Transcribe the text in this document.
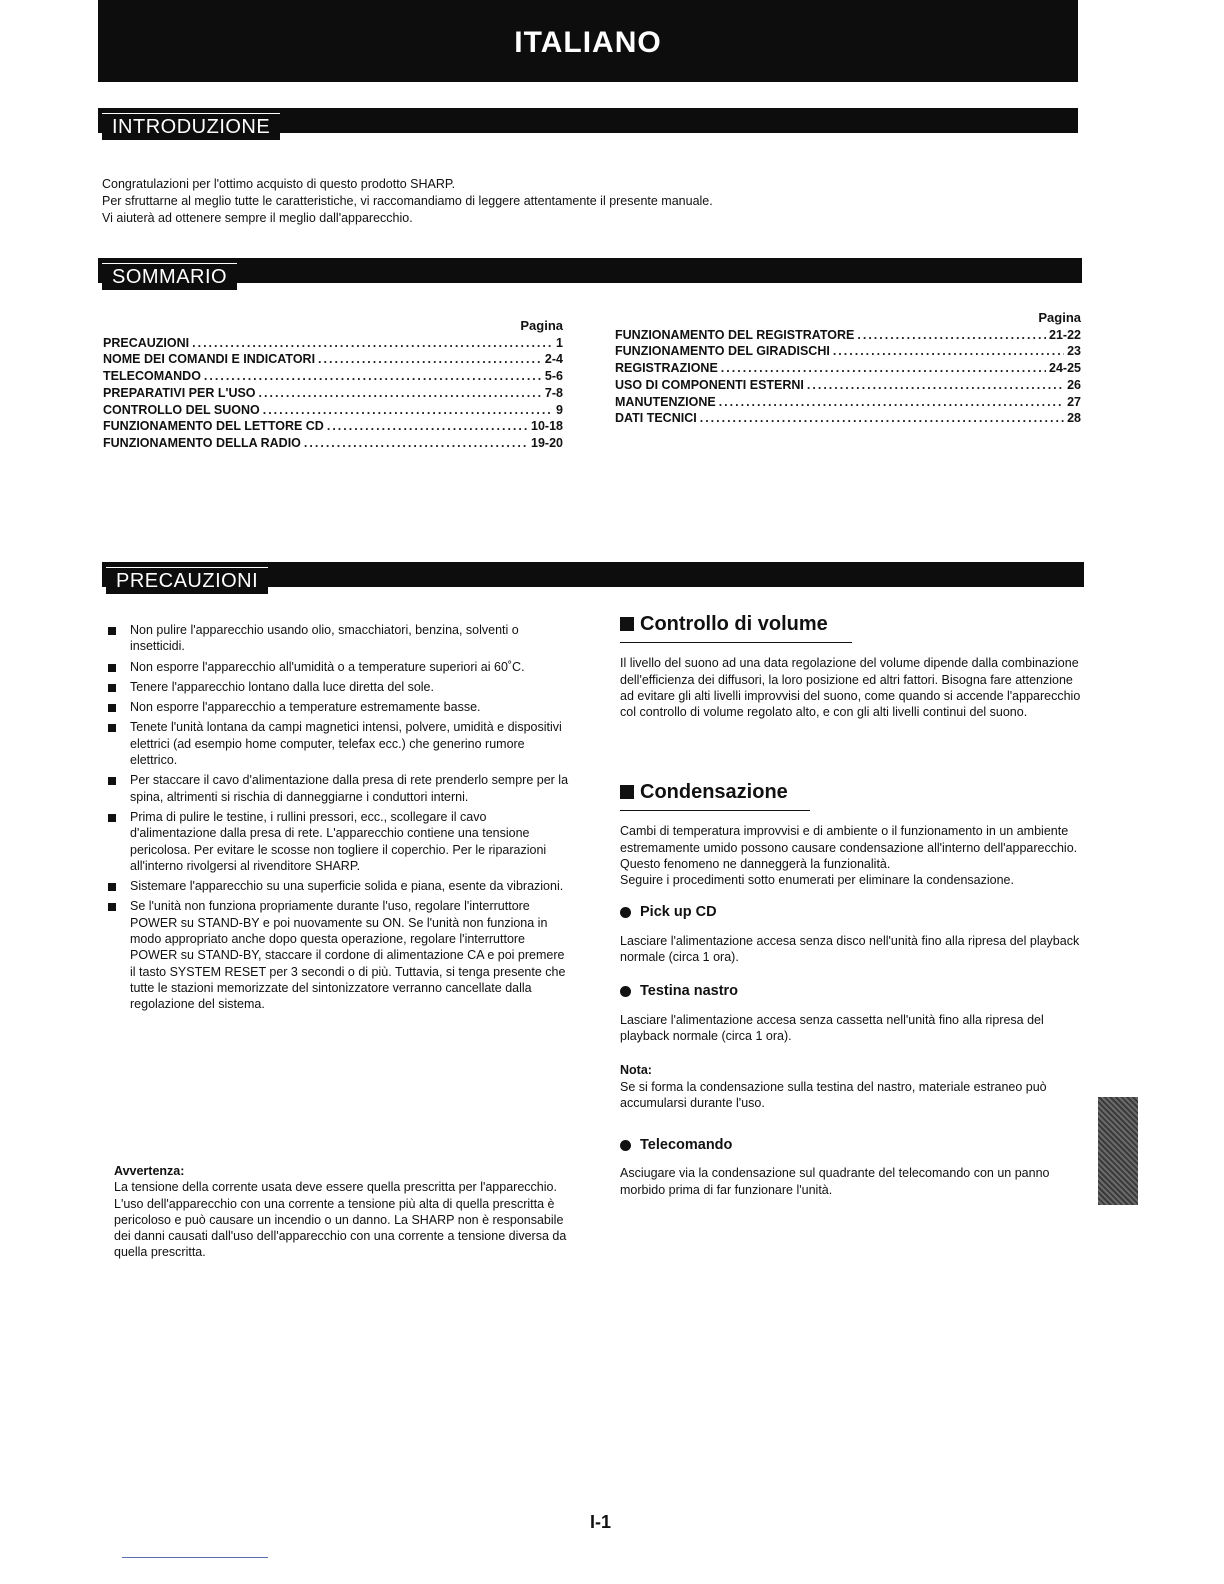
ITALIANO
INTRODUZIONE

Congratulazioni per l'ottimo acquisto di questo prodotto SHARP.

Per sfruttarne al meglio tutte le caratteristiche, vi raccomandiamo di leggere attentamente il presente manuale.

Vi aiuterà ad ottenere sempre il meglio dall'apparecchio.

SOMMARIO
Pagina
PRECAUZIONI .....	1
NOME DEI COMANDI E INDICATORI .....	2-4
TELECOMANDO .....	5-6
PREPARATIVI PER L'USO .....	7-8
CONTROLLO DEL SUONO .....	9
FUNZIONAMENTO DEL LETTORE CD .....	10-18
FUNZIONAMENTO DELLA RADIO .....	19-20
Pagina
FUNZIONAMENTO DEL REGISTRATORE .....	21-22
FUNZIONAMENTO DEL GIRADISCHI .....	23
REGISTRAZIONE .....	24-25
USO DI COMPONENTI ESTERNI .....	26
MANUTENZIONE .....	27
DATI TECNICI .....	28
PRECAUZIONI
Non pulire l'apparecchio usando olio, smacchiatori, benzina, solventi o insetticidi.
Non esporre l'apparecchio all'umidità o a temperature superiori ai 60˚C.
Tenere l'apparecchio lontano dalla luce diretta del sole.
Non esporre l'apparecchio a temperature estremamente basse.
Tenete l'unità lontana da campi magnetici intensi, polvere, umidità e dispositivi elettrici (ad esempio home computer, telefax ecc.) che generino rumore elettrico.
Per staccare il cavo d'alimentazione dalla presa di rete prenderlo sempre per la spina, altrimenti si rischia di danneggiarne i conduttori interni.
Prima di pulire le testine, i rullini pressori, ecc., scollegare il cavo d'alimentazione dalla presa di rete. L'apparecchio contiene una tensione pericolosa. Per evitare le scosse non togliere il coperchio. Per le riparazioni all'interno rivolgersi al rivenditore SHARP.
Sistemare l'apparecchio su una superficie solida e piana, esente da vibrazioni.
Se l'unità non funziona propriamente durante l'uso, regolare l'interruttore POWER su STAND-BY e poi nuovamente su ON. Se l'unità non funziona in modo appropriato anche dopo questa operazione, regolare l'interruttore POWER su STAND-BY, staccare il cordone di alimentazione CA e poi premere il tasto SYSTEM RESET per 3 secondi o di più. Tuttavia, si tenga presente che tutte le stazioni memorizzate del sintonizzatore verranno cancellate dalla regolazione del sistema.
Avvertenza:
La tensione della corrente usata deve essere quella prescritta per l'apparecchio. L'uso dell'apparecchio con una corrente a tensione più alta di quella prescritta è pericoloso e può causare un incendio o un danno. La SHARP non è responsabile dei danni causati dall'uso dell'apparecchio con una corrente a tensione diversa da quella prescritta.
Controllo di volume

Il livello del suono ad una data regolazione del volume dipende dalla combinazione dell'efficienza dei diffusori, la loro posizione ed altri fattori. Bisogna fare attenzione ad evitare gli alti livelli improvvisi del suono, come quando si accende l'apparecchio col controllo di volume regolato alto, e con gli alti livelli continui del suono.

Condensazione

Cambi di temperatura improvvisi e di ambiente o il funzionamento in un ambiente estremamente umido possono causare condensazione all'interno dell'apparecchio.

Questo fenomeno ne danneggerà la funzionalità.

Seguire i procedimenti sotto enumerati per eliminare la condensazione.

Pick up CD

Lasciare l'alimentazione accesa senza disco nell'unità fino alla ripresa del playback normale (circa 1 ora).

Testina nastro

Lasciare l'alimentazione accesa senza cassetta nell'unità fino alla ripresa del playback normale (circa 1 ora).

Nota:

Se si forma la condensazione sulla testina del nastro, materiale estraneo può accumularsi durante l'uso.

Telecomando

Asciugare via la condensazione sul quadrante del telecomando con un panno morbido prima di far funzionare l'unità.

I-1
